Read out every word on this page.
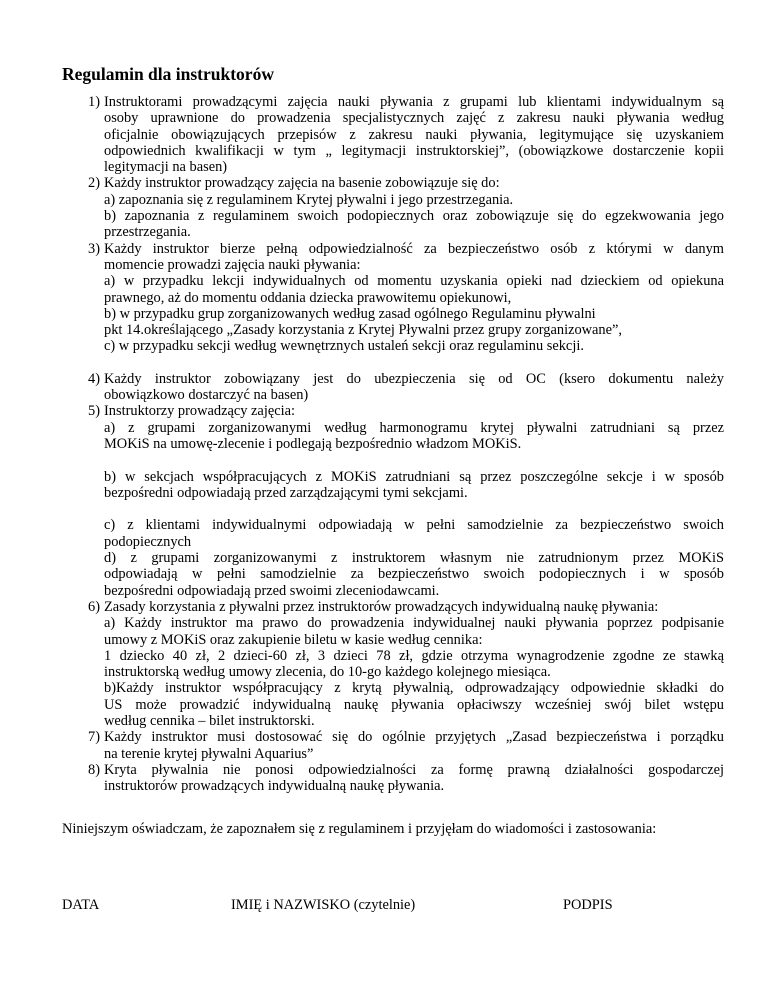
Regulamin dla instruktorów
1) Instruktorami prowadzącymi zajęcia nauki pływania z grupami lub klientami indywidualnym są
osoby uprawnione do prowadzenia specjalistycznych zajęć z zakresu nauki pływania według
oficjalnie obowiązujących przepisów z zakresu nauki pływania, legitymujące się uzyskaniem
odpowiednich kwalifikacji w tym „ legitymacji instruktorskiej”, (obowiązkowe dostarczenie kopii
legitymacji na basen)
2) Każdy instruktor prowadzący zajęcia na basenie zobowiązuje się do:
a) zapoznania się z regulaminem Krytej pływalni i jego przestrzegania.
b) zapoznania z regulaminem swoich podopiecznych oraz zobowiązuje się do egzekwowania jego
przestrzegania.
3) Każdy instruktor bierze pełną odpowiedzialność za bezpieczeństwo osób z którymi w danym
momencie prowadzi zajęcia nauki pływania:
a) w przypadku lekcji indywidualnych od momentu uzyskania opieki nad dzieckiem od opiekuna
prawnego, aż do momentu oddania dziecka prawowitemu opiekunowi,
b) w przypadku grup zorganizowanych według zasad ogólnego Regulaminu pływalni
pkt 14.określającego „Zasady korzystania z Krytej Pływalni przez grupy zorganizowane”,
c) w przypadku sekcji według wewnętrznych ustaleń sekcji oraz regulaminu sekcji.
4) Każdy instruktor zobowiązany jest do ubezpieczenia się od OC (ksero dokumentu należy
obowiązkowo dostarczyć na basen)
5) Instruktorzy prowadzący zajęcia:
a) z grupami zorganizowanymi według harmonogramu krytej pływalni zatrudniani są przez
MOKiS na umowę-zlecenie i podlegają bezpośrednio władzom MOKiS.

b) w sekcjach współpracujących z MOKiS zatrudniani są przez poszczególne sekcje i w sposób
bezpośredni odpowiadają przed zarządzającymi tymi sekcjami.

c) z klientami indywidualnymi odpowiadają w pełni samodzielnie za bezpieczeństwo swoich
podopiecznych
d) z grupami zorganizowanymi z instruktorem własnym nie zatrudnionym przez MOKiS
odpowiadają w pełni samodzielnie za bezpieczeństwo swoich podopiecznych i w sposób
bezpośredni odpowiadają przed swoimi zleceniodawcami.
6) Zasady korzystania z pływalni przez instruktorów prowadzących indywidualną naukę pływania:
a) Każdy instruktor ma prawo do prowadzenia indywidualnej nauki pływania poprzez podpisanie
umowy z MOKiS oraz zakupienie biletu w kasie według cennika:
1 dziecko 40 zł, 2 dzieci-60 zł, 3 dzieci 78 zł, gdzie otrzyma wynagrodzenie zgodne ze stawką
instruktorską według umowy zlecenia, do 10-go każdego kolejnego miesiąca.
b)Każdy instruktor współpracujący z krytą pływalnią, odprowadzający odpowiednie składki do
US może prowadzić indywidualną naukę pływania opłaciwszy wcześniej swój bilet wstępu
według cennika – bilet instruktorski.
7) Każdy instruktor musi dostosować się do ogólnie przyjętych „Zasad bezpieczeństwa i porządku
na terenie krytej pływalni Aquarius”
8) Kryta pływalnia nie ponosi odpowiedzialności za formę prawną działalności gospodarczej
instruktorów prowadzących indywidualną naukę pływania.
Niniejszym oświadczam, że zapoznałem się z regulaminem i przyjęłam do wiadomości i zastosowania:
DATA	IMIĘ i NAZWISKO (czytelnie)	PODPIS
